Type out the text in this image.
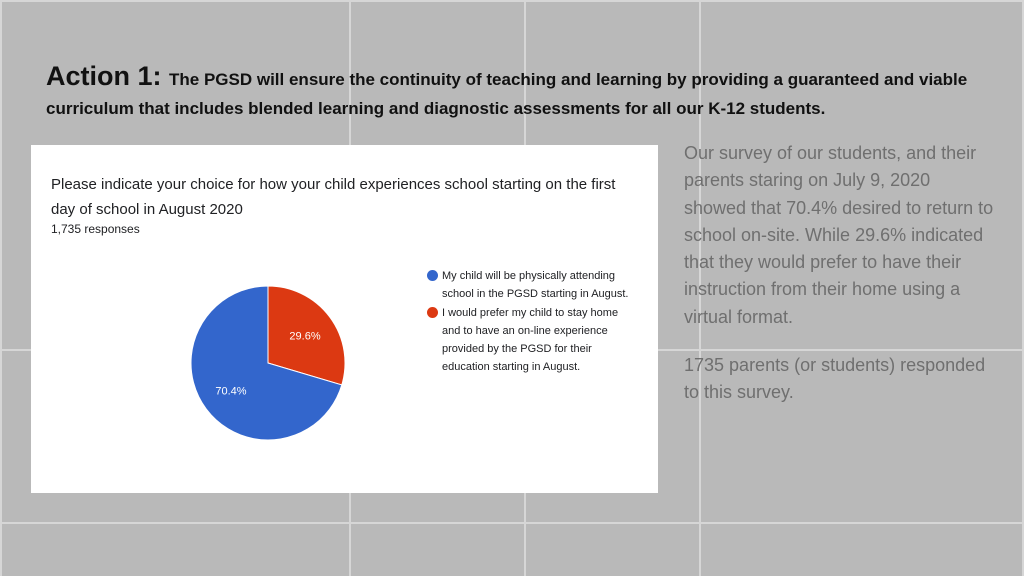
Action 1: The PGSD will ensure the continuity of teaching and learning by providing a guaranteed and viable curriculum that includes blended learning and diagnostic assessments for all our K-12 students.
Please indicate your choice for how your child experiences school starting on the first day of school in August 2020
1,735 responses
29.6%
70.4%
My child will be physically attending school in the PGSD starting in August.
I would prefer my child to stay home and to have an on-line experience provided by the PGSD for their education starting in August.

Our survey of our students, and their parents staring on July 9, 2020 showed that 70.4% desired to return to school on-site. While 29.6% indicated that they would prefer to have their instruction from their home using a virtual format.

1735 parents (or students) responded to this survey.
